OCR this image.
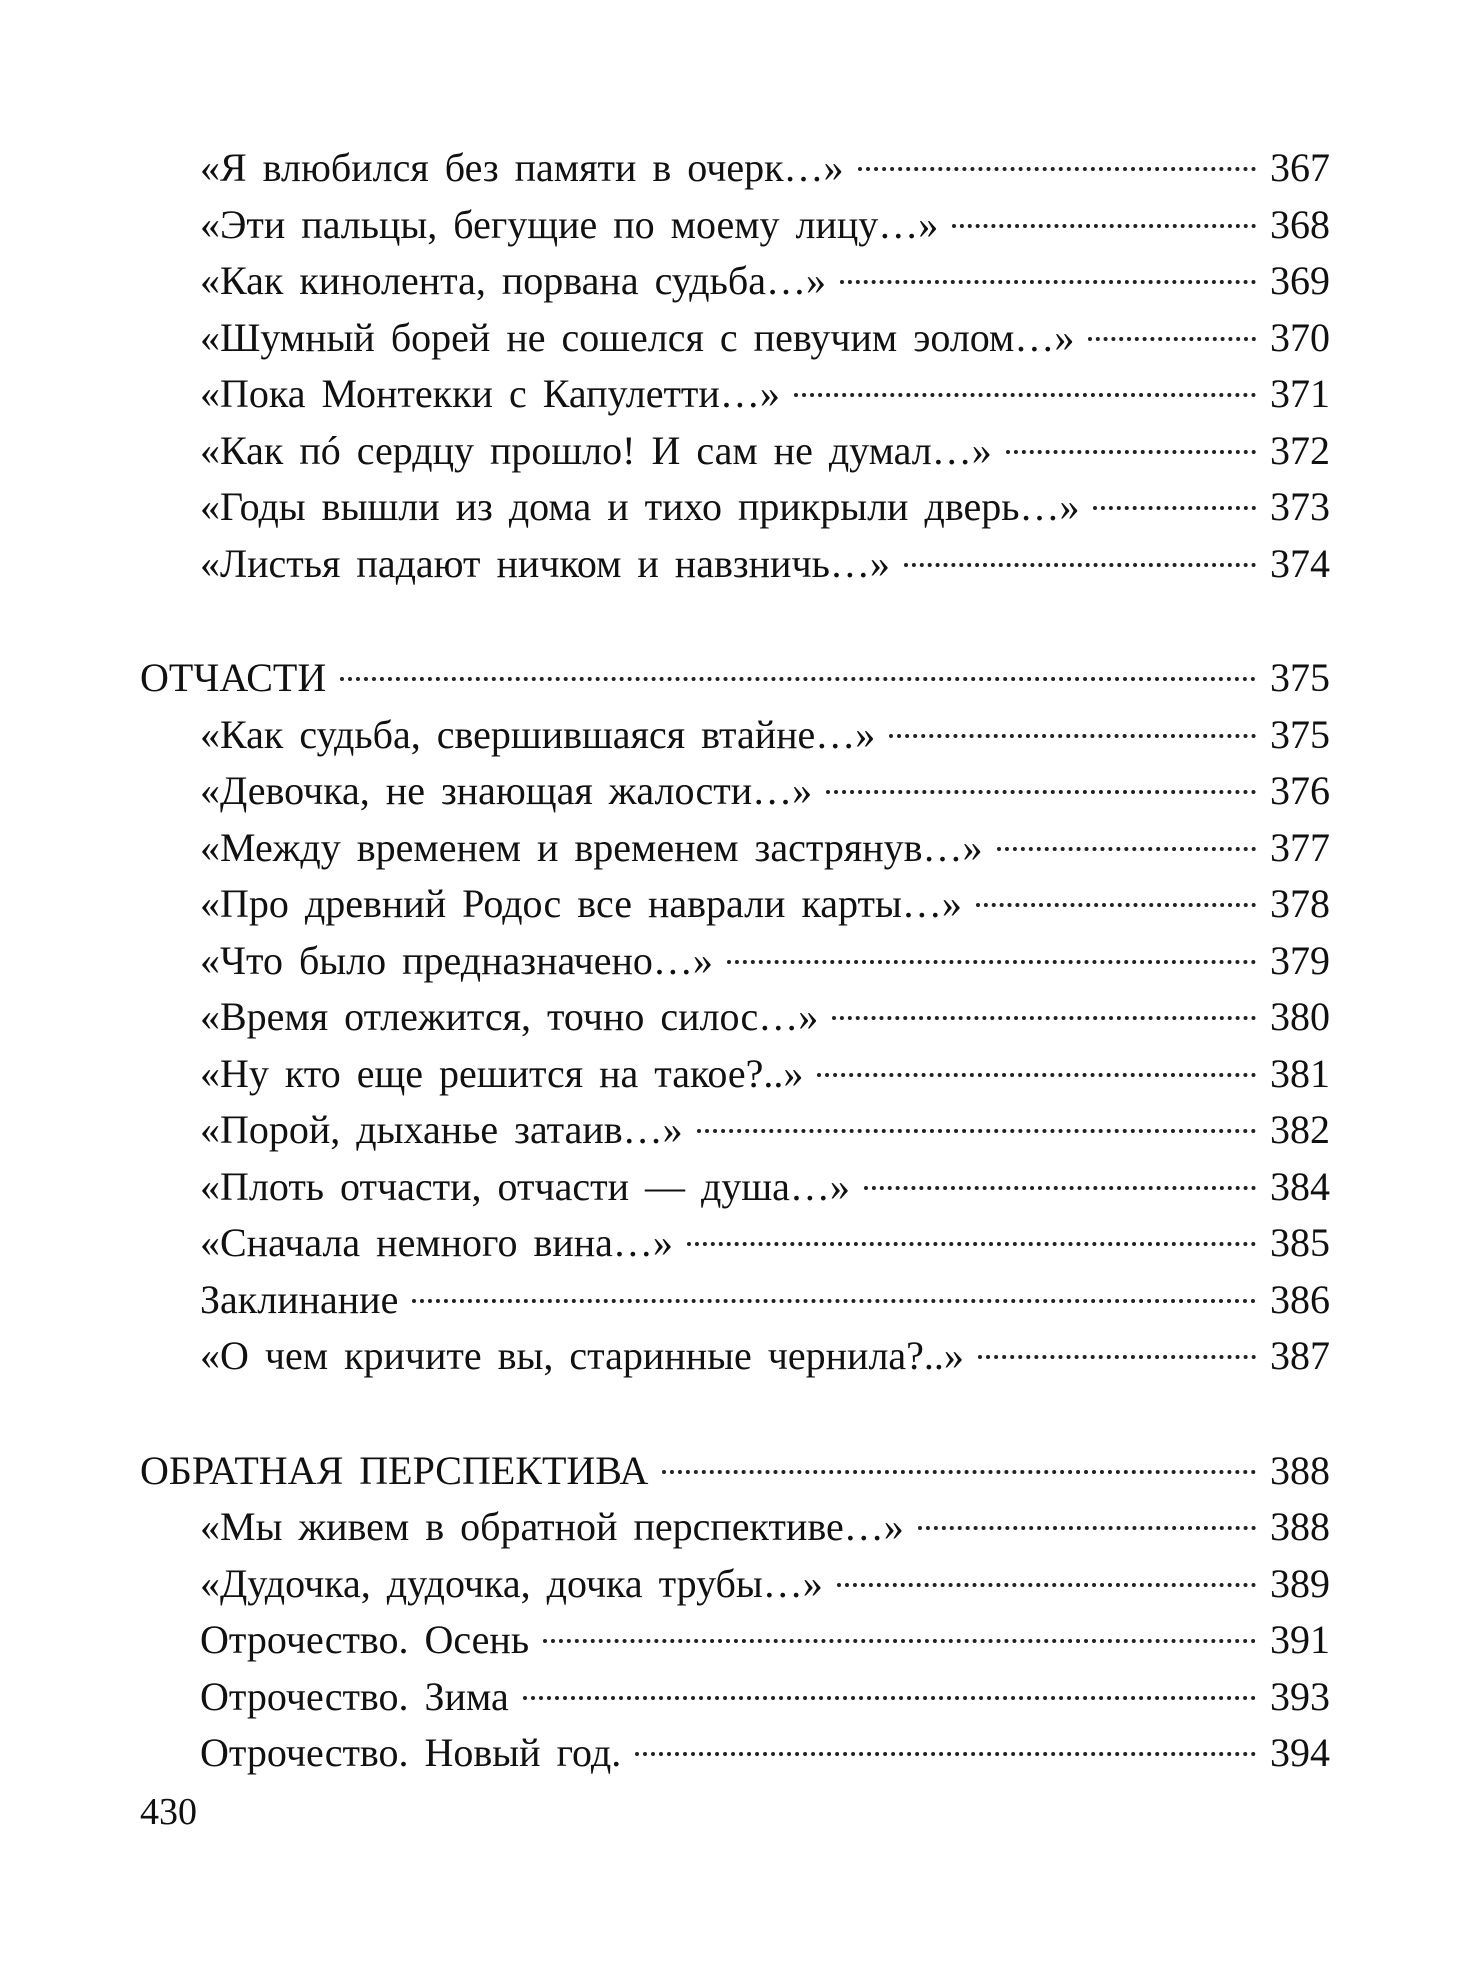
«Я влюбился без памяти в очерк…»	367
«Эти пальцы, бегущие по моему лицу…»	368
«Как кинолента, порвана судьба…»	369
«Шумный борей не сошелся с певучим эолом…»	370
«Пока Монтекки с Капулетти…»	371
«Как пó сердцу прошло! И сам не думал…»	372
«Годы вышли из дома и тихо прикрыли дверь…»	373
«Листья падают ничком и навзничь…»	374
ОТЧАСТИ	375
«Как судьба, свершившаяся втайне…»	375
«Девочка, не знающая жалости…»	376
«Между временем и временем застрянув…»	377
«Про древний Родос все наврали карты…»	378
«Что было предназначено…»	379
«Время отлежится, точно силос…»	380
«Ну кто еще решится на такое?..»	381
«Порой, дыханье затаив…»	382
«Плоть отчасти, отчасти — душа…»	384
«Сначала немного вина…»	385
Заклинание	386
«О чем кричите вы, старинные чернила?..»	387
ОБРАТНАЯ ПЕРСПЕКТИВА	388
«Мы живем в обратной перспективе…»	388
«Дудочка, дудочка, дочка трубы…»	389
Отрочество. Осень	391
Отрочество. Зима	393
Отрочество. Новый год.	394
430
